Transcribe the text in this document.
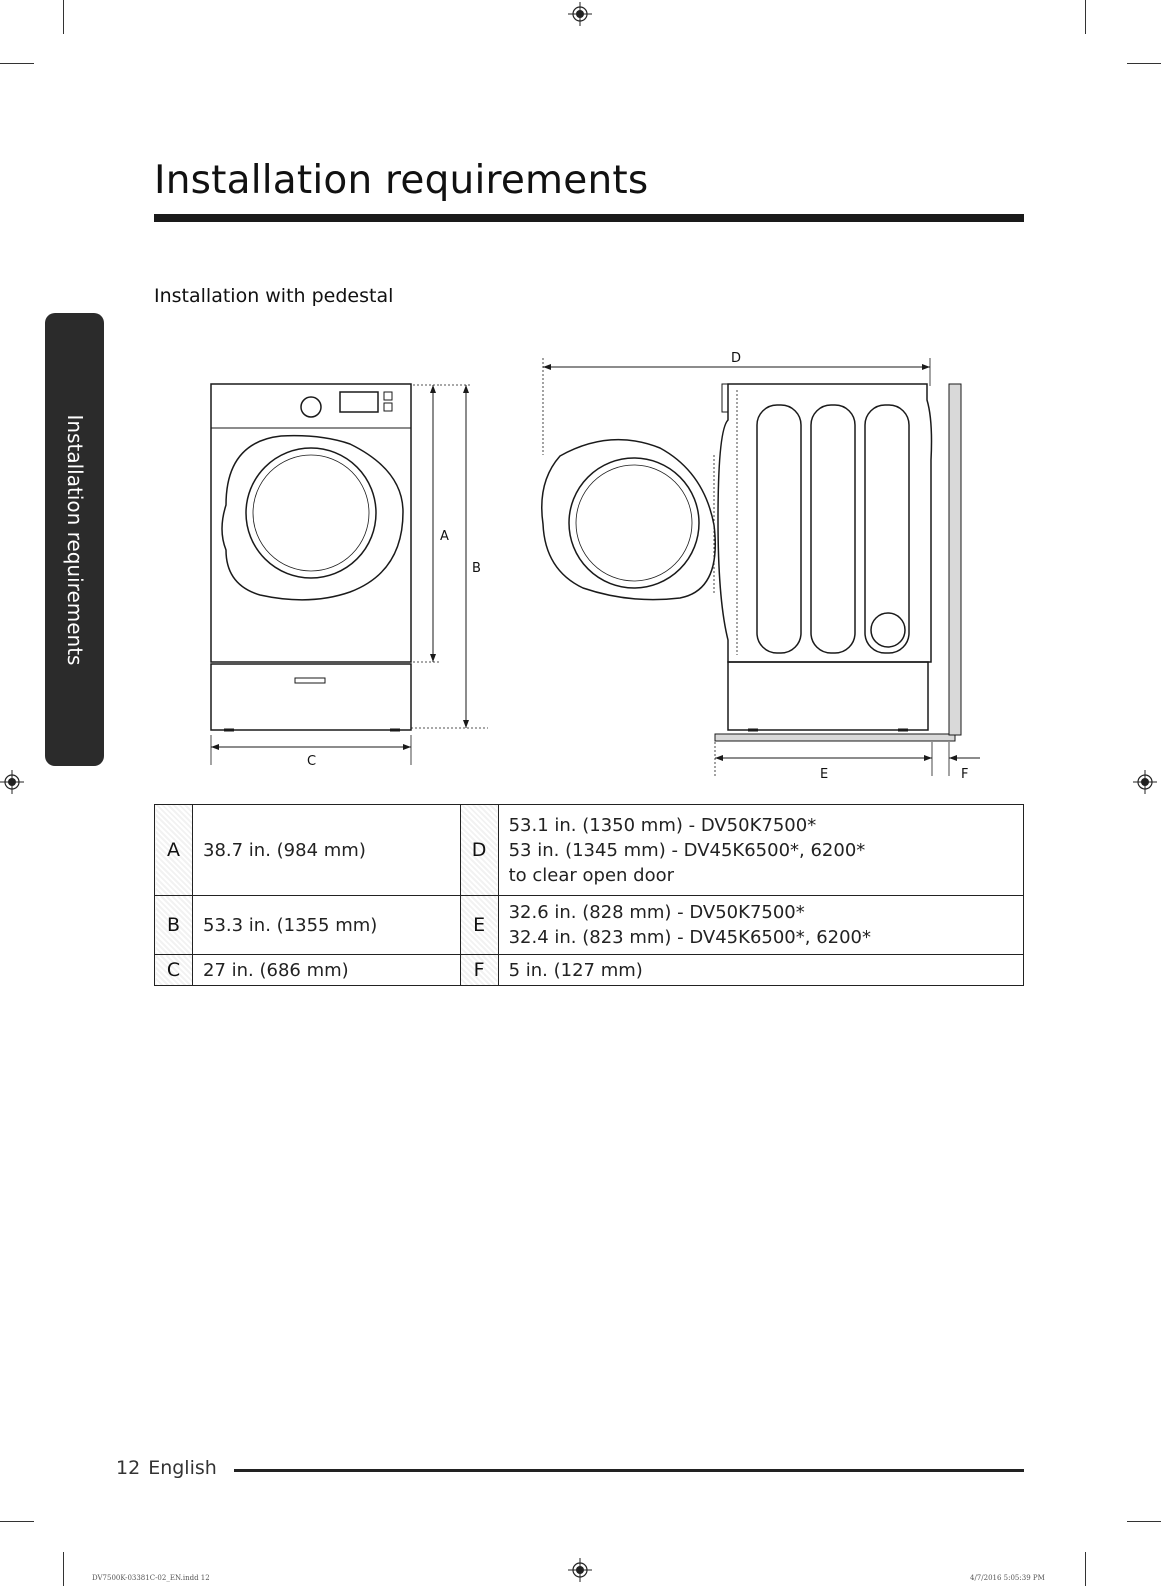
Installation requirements
Installation with pedestal
Installation requirements	A
B
C
D
E	F
A	38.7 in. (984 mm)	D	53.1 in. (1350 mm) - DV50K7500*
53 in. (1345 mm) - DV45K6500*, 6200*
to clear open door

B	53.3 in. (1355 mm)	E	32.6 in. (828 mm) - DV50K7500*
32.4 in. (823 mm) - DV45K6500*, 6200*

C	27 in. (686 mm)	F	5 in. (127 mm)
12 English
DV7500K-03381C-02_EN.indd 12	4/7/2016 5:05:39 PM
